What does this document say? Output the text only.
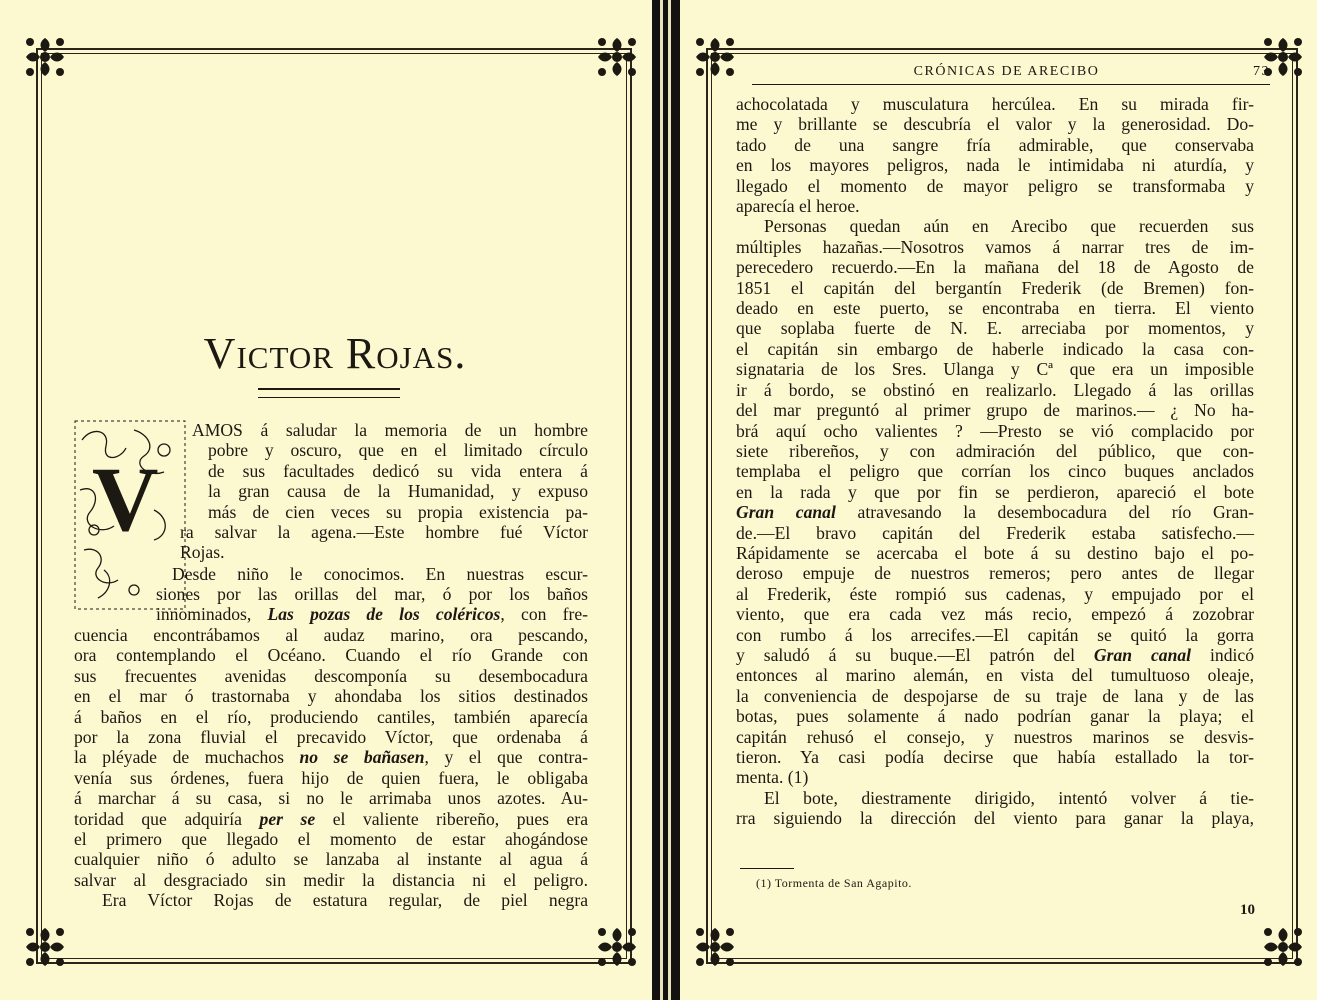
Victor Rojas.
V
AMOS á saludar la memoria de un hombre
pobre y oscuro, que en el limitado círculo
de sus facultades dedicó su vida entera á
la gran causa de la Humanidad, y expuso
más de cien veces su propia existencia pa-
ra salvar la agena.—Este hombre fué Víctor
Rojas.
Desde niño le conocimos. En nuestras escur-
siones por las orillas del mar, ó por los baños
innominados, Las pozas de los coléricos, con fre-
cuencia encontrábamos al audaz marino, ora pescando,
ora contemplando el Océano. Cuando el río Grande con
sus frecuentes avenidas descomponía su desembocadura
en el mar ó trastornaba y ahondaba los sitios destinados
á baños en el río, produciendo cantiles, también aparecía
por la zona fluvial el precavido Víctor, que ordenaba á
la pléyade de muchachos no se bañasen, y el que contra-
venía sus órdenes, fuera hijo de quien fuera, le obligaba
á marchar á su casa, si no le arrimaba unos azotes. Au-
toridad que adquiría per se el valiente ribereño, pues era
el primero que llegado el momento de estar ahogándose
cualquier niño ó adulto se lanzaba al instante al agua á
salvar al desgraciado sin medir la distancia ni el peligro.
Era Víctor Rojas de estatura regular, de piel negra
CRÓNICAS DE ARECIBO	73
achocolatada y musculatura hercúlea. En su mirada fir-
me y brillante se descubría el valor y la generosidad. Do-
tado de una sangre fría admirable, que conservaba
en los mayores peligros, nada le intimidaba ni aturdía, y
llegado el momento de mayor peligro se transformaba y
aparecía el heroe.
Personas quedan aún en Arecibo que recuerden sus
múltiples hazañas.—Nosotros vamos á narrar tres de im-
perecedero recuerdo.—En la mañana del 18 de Agosto de
1851 el capitán del bergantín Frederik (de Bremen) fon-
deado en este puerto, se encontraba en tierra. El viento
que soplaba fuerte de N. E. arreciaba por momentos, y
el capitán sin embargo de haberle indicado la casa con-
signataria de los Sres. Ulanga y Cª que era un imposible
ir á bordo, se obstinó en realizarlo. Llegado á las orillas
del mar preguntó al primer grupo de marinos.— ¿ No ha-
brá aquí ocho valientes ? —Presto se vió complacido por
siete ribereños, y con admiración del público, que con-
templaba el peligro que corrían los cinco buques anclados
en la rada y que por fin se perdieron, apareció el bote
Gran canal atravesando la desembocadura del río Gran-
de.—El bravo capitán del Frederik estaba satisfecho.—
Rápidamente se acercaba el bote á su destino bajo el po-
deroso empuje de nuestros remeros; pero antes de llegar
al Frederik, éste rompió sus cadenas, y empujado por el
viento, que era cada vez más recio, empezó á zozobrar
con rumbo á los arrecifes.—El capitán se quitó la gorra
y saludó á su buque.—El patrón del Gran canal indicó
entonces al marino alemán, en vista del tumultuoso oleaje,
la conveniencia de despojarse de su traje de lana y de las
botas, pues solamente á nado podrían ganar la playa; el
capitán rehusó el consejo, y nuestros marinos se desvis-
tieron. Ya casi podía decirse que había estallado la tor-
menta. (1)
El bote, diestramente dirigido, intentó volver á tie-
rra siguiendo la dirección del viento para ganar la playa,
(1) Tormenta de San Agapito.
10
